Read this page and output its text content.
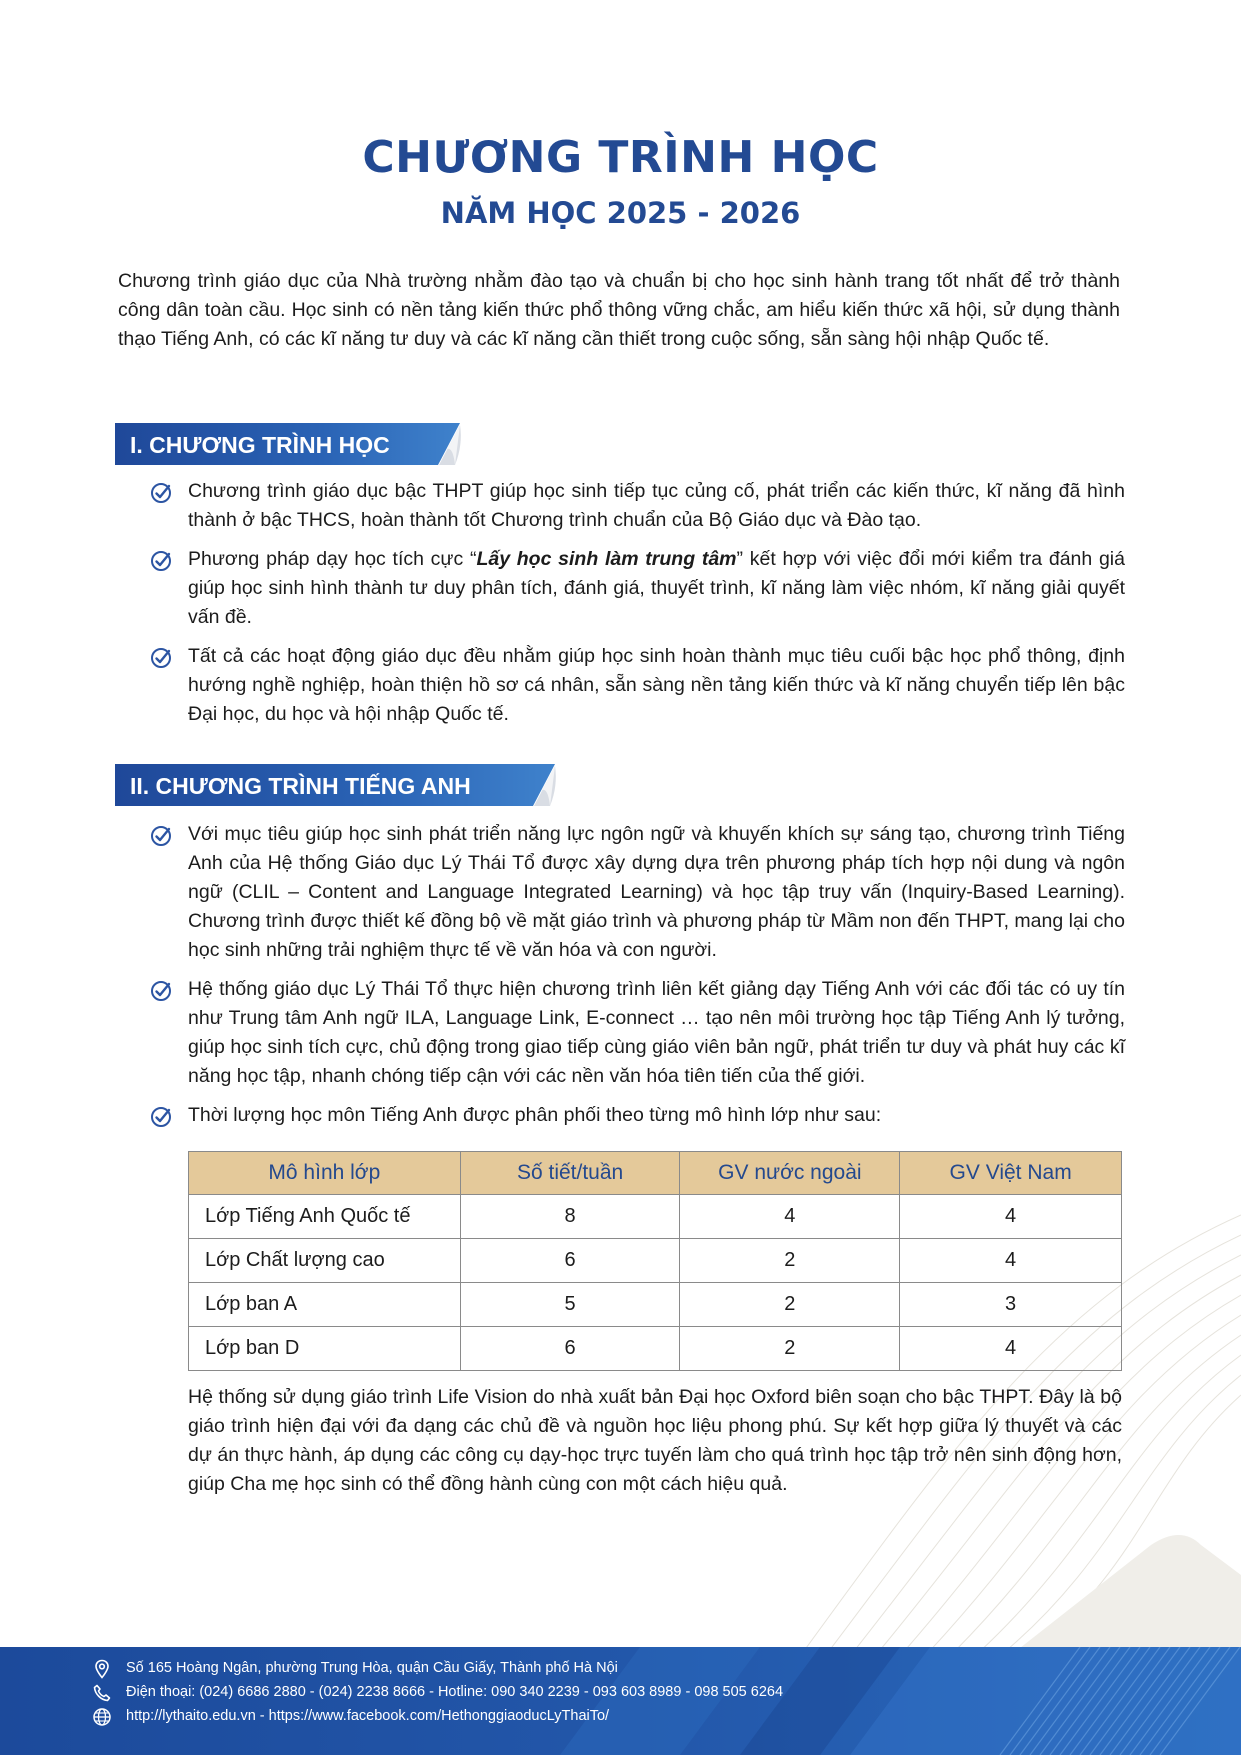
CHƯƠNG TRÌNH HỌC
NĂM HỌC 2025 - 2026

Chương trình giáo dục của Nhà trường nhằm đào tạo và chuẩn bị cho học sinh hành trang tốt nhất để trở thành công dân toàn cầu. Học sinh có nền tảng kiến thức phổ thông vững chắc, am hiểu kiến thức xã hội, sử dụng thành thạo Tiếng Anh, có các kĩ năng tư duy và các kĩ năng cần thiết trong cuộc sống, sẵn sàng hội nhập Quốc tế.

I. CHƯƠNG TRÌNH HỌC
Chương trình giáo dục bậc THPT giúp học sinh tiếp tục củng cố, phát triển các kiến thức, kĩ năng đã hình thành ở bậc THCS, hoàn thành tốt Chương trình chuẩn của Bộ Giáo dục và Đào tạo.
Phương pháp dạy học tích cực “Lấy học sinh làm trung tâm” kết hợp với việc đổi mới kiểm tra đánh giá giúp học sinh hình thành tư duy phân tích, đánh giá, thuyết trình, kĩ năng làm việc nhóm, kĩ năng giải quyết vấn đề.
Tất cả các hoạt động giáo dục đều nhằm giúp học sinh hoàn thành mục tiêu cuối bậc học phổ thông, định hướng nghề nghiệp, hoàn thiện hồ sơ cá nhân, sẵn sàng nền tảng kiến thức và kĩ năng chuyển tiếp lên bậc Đại học, du học và hội nhập Quốc tế.
II. CHƯƠNG TRÌNH TIẾNG ANH
Với mục tiêu giúp học sinh phát triển năng lực ngôn ngữ và khuyến khích sự sáng tạo, chương trình Tiếng Anh của Hệ thống Giáo dục Lý Thái Tổ được xây dựng dựa trên phương pháp tích hợp nội dung và ngôn ngữ (CLIL – Content and Language Integrated Learning) và học tập truy vấn (Inquiry-Based Learning). Chương trình được thiết kế đồng bộ về mặt giáo trình và phương pháp từ Mầm non đến THPT, mang lại cho học sinh những trải nghiệm thực tế về văn hóa và con người.
Hệ thống giáo dục Lý Thái Tổ thực hiện chương trình liên kết giảng dạy Tiếng Anh với các đối tác có uy tín như Trung tâm Anh ngữ ILA, Language Link, E-connect … tạo nên môi trường học tập Tiếng Anh lý tưởng, giúp học sinh tích cực, chủ động trong giao tiếp cùng giáo viên bản ngữ, phát triển tư duy và phát huy các kĩ năng học tập, nhanh chóng tiếp cận với các nền văn hóa tiên tiến của thế giới.
Thời lượng học môn Tiếng Anh được phân phối theo từng mô hình lớp như sau:
Mô hình lớp	Số tiết/tuần	GV nước ngoài	GV Việt Nam
Lớp Tiếng Anh Quốc tế	8	4	4
Lớp Chất lượng cao	6	2	4
Lớp ban A	5	2	3
Lớp ban D	6	2	4

Hệ thống sử dụng giáo trình Life Vision do nhà xuất bản Đại học Oxford biên soạn cho bậc THPT. Đây là bộ giáo trình hiện đại với đa dạng các chủ đề và nguồn học liệu phong phú. Sự kết hợp giữa lý thuyết và các dự án thực hành, áp dụng các công cụ dạy-học trực tuyến làm cho quá trình học tập trở nên sinh động hơn, giúp Cha mẹ học sinh có thể đồng hành cùng con một cách hiệu quả.

Số 165 Hoàng Ngân, phường Trung Hòa, quận Cầu Giấy, Thành phố Hà Nội
Điện thoại: (024) 6686 2880 - (024) 2238 8666 - Hotline: 090 340 2239 - 093 603 8989 - 098 505 6264
http://lythaito.edu.vn - https://www.facebook.com/HethonggiaoducLyThaiTo/
